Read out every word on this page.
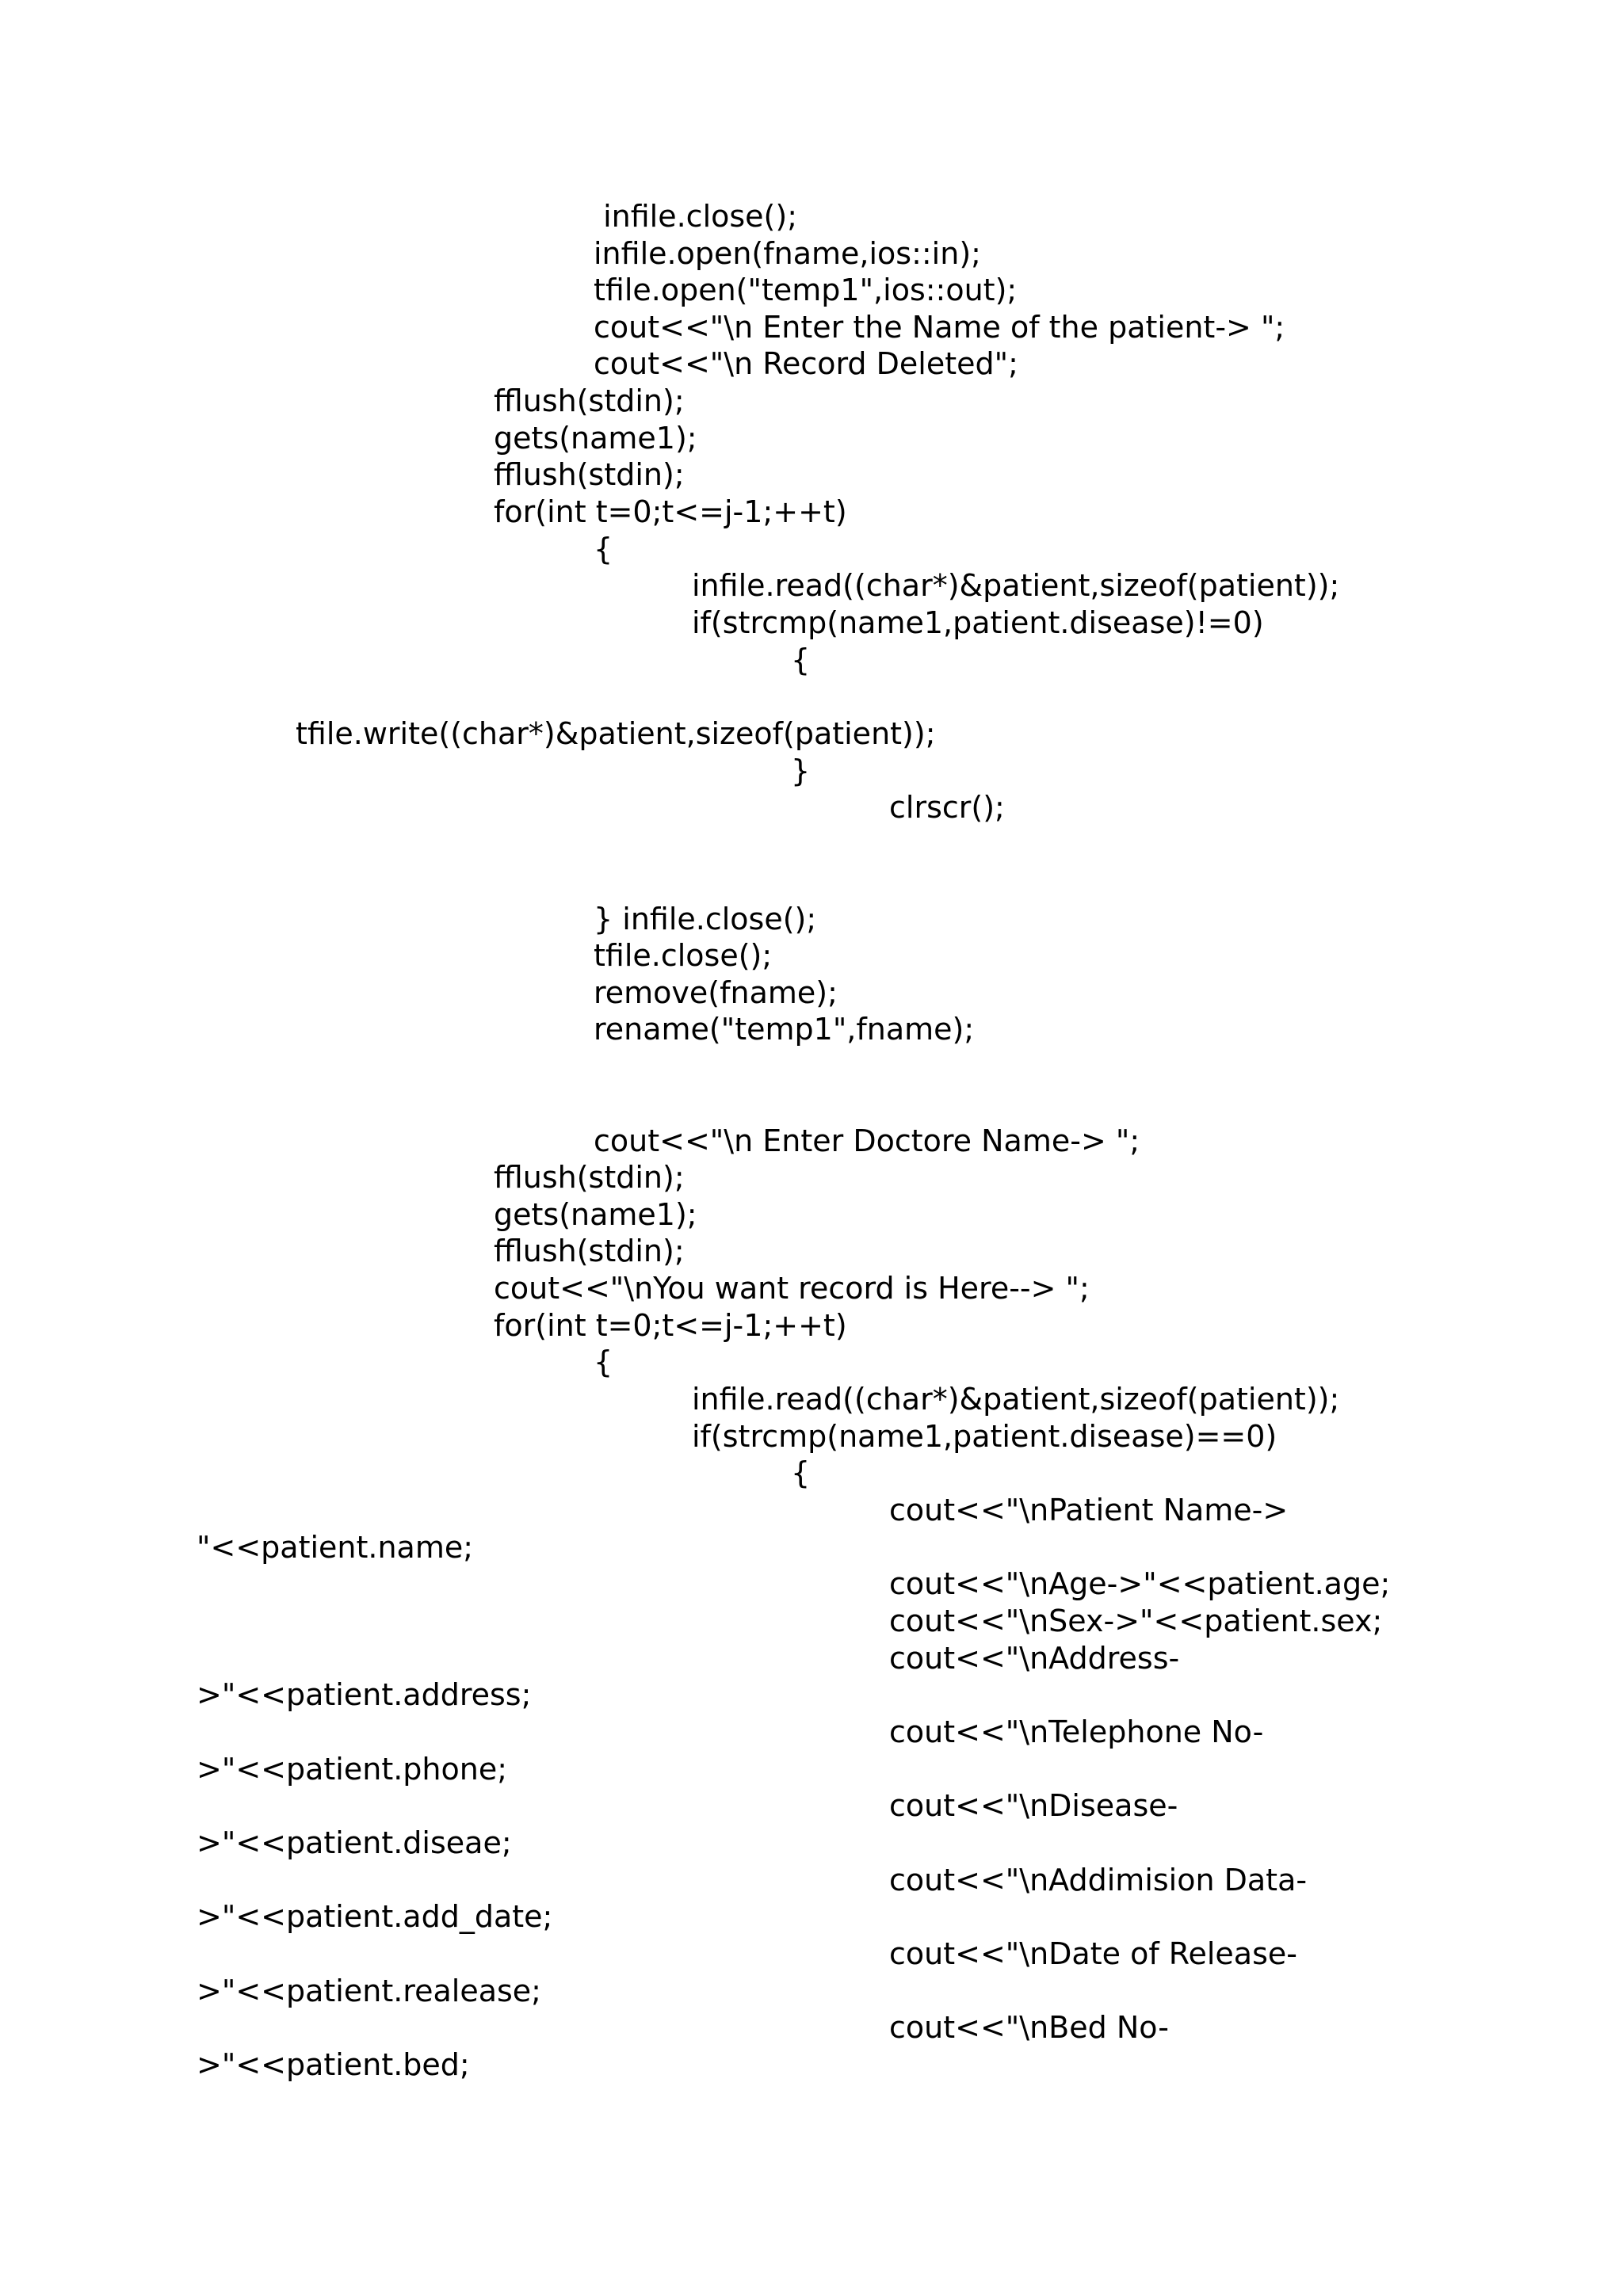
infile.close();
infile.open(fname,ios::in);
tfile.open("temp1",ios::out);
cout<<"\n Enter the Name of the patient-> ";
cout<<"\n Record Deleted";
fflush(stdin);
gets(name1);
fflush(stdin);
for(int t=0;t<=j-1;++t)
{
infile.read((char*)&patient,sizeof(patient));
if(strcmp(name1,patient.disease)!=0)
{
tfile.write((char*)&patient,sizeof(patient));
}
clrscr();
} infile.close();
tfile.close();
remove(fname);
rename("temp1",fname);
cout<<"\n Enter Doctore Name-> ";
fflush(stdin);
gets(name1);
fflush(stdin);
cout<<"\nYou want record is Here--> ";
for(int t=0;t<=j-1;++t)
{
infile.read((char*)&patient,sizeof(patient));
if(strcmp(name1,patient.disease)==0)
{
cout<<"\nPatient Name->
"<<patient.name;
cout<<"\nAge->"<<patient.age;
cout<<"\nSex->"<<patient.sex;
cout<<"\nAddress-
>"<<patient.address;
cout<<"\nTelephone No-
>"<<patient.phone;
cout<<"\nDisease-
>"<<patient.diseae;
cout<<"\nAddimision Data-
>"<<patient.add_date;
cout<<"\nDate of Release-
>"<<patient.realease;
cout<<"\nBed No-
>"<<patient.bed;
